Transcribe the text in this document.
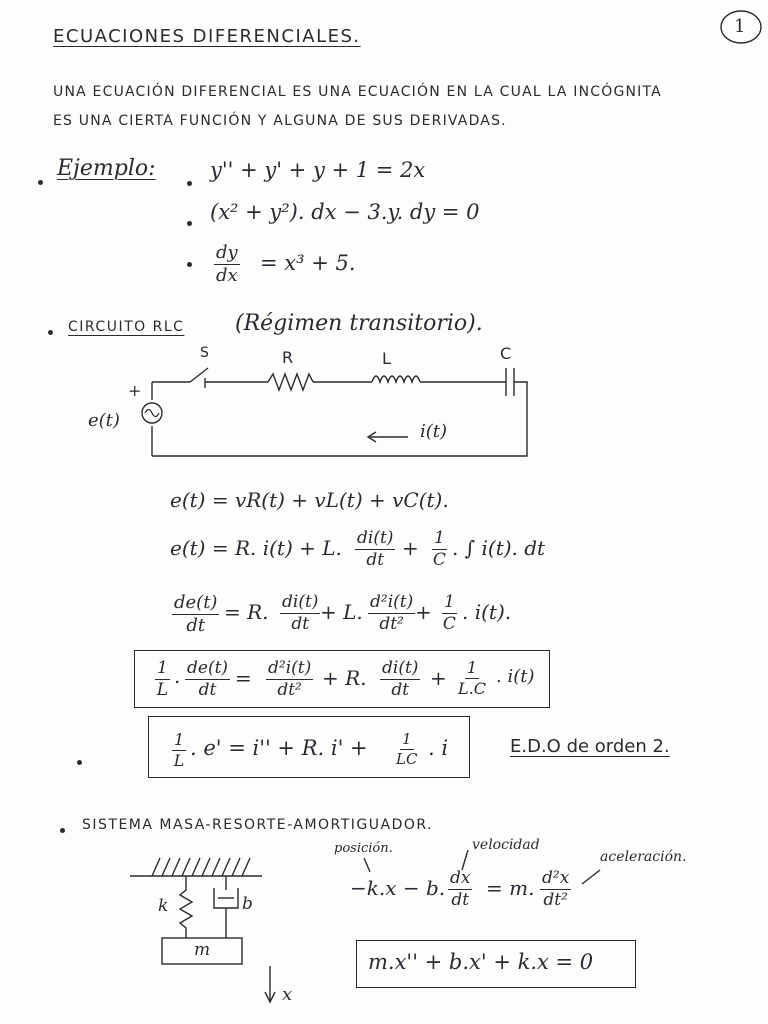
1
ECUACIONES DIFERENCIALES.
UNA ECUACIÓN DIFERENCIAL ES UNA ECUACIÓN EN LA CUAL LA INCÓGNITA
ES UNA CIERTA FUNCIÓN Y ALGUNA DE SUS DERIVADAS.
Ejemplo:	y'' + y' + y + 1 = 2x
(x² + y²). dx − 3.y. dy = 0
$\frac{dy}{dx} = x^3 + 5$.
CIRCUITO RLC (Régimen transitorio).
S	R	L	C
+
e(t)
i(t)
e(t) = vR(t) + vL(t) + vC(t).
e(t) = R. i(t) + L. $\frac{di(t)}{dt} + \frac{1}{C}$ . ∫ i(t). dt
$\frac{de(t)}{dt} = R$. $\frac{di(t)}{dt} + L$. $\frac{\text{d²i(t)}}{\text{dt²}} + \frac{1}{C}$ . i(t).
$\frac{1}{L}$ . $\frac{de(t)}{dt} = \frac{\text{d²i(t)}}{\text{dt²}} + R$. $\frac{di(t)}{dt} + \frac{1}{L.C}$ . i(t)
$\frac{1}{L}$ . e' = i'' + R. $i' + \frac{1}{LC}$ . i	E.D.O de orden 2.
SISTEMA MASA-RESORTE-AMORTIGUADOR.
k	b
m
x
posición.	velocidad
aceleración.
−k.x − b. $\frac{dx}{dt} = m$. $\frac{\text{d²x}}{\text{dt²}}$
m.x'' + b.x' + k.x = 0
